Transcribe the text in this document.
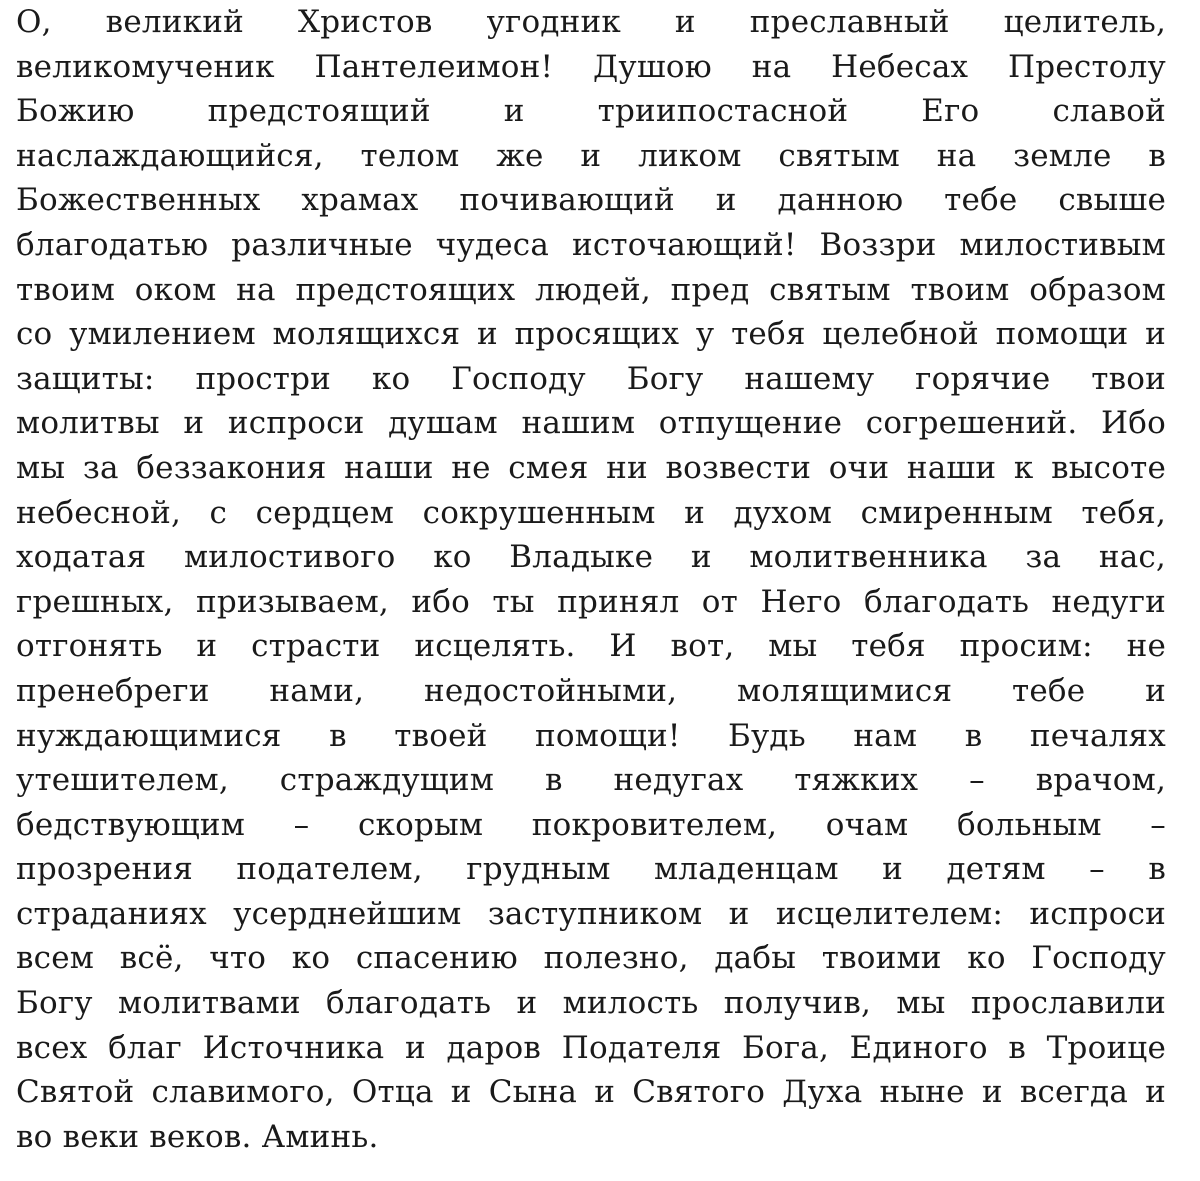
О, великий Христов угодник и преславный целитель,
великомученик Пантелеимон! Душою на Небесах Престолу
Божию предстоящий и триипостасной Его славой
наслаждающийся, телом же и ликом святым на земле в
Божественных храмах почивающий и данною тебе свыше
благодатью различные чудеса источающий! Воззри милостивым
твоим оком на предстоящих людей, пред святым твоим образом
со умилением молящихся и просящих у тебя целебной помощи и
защиты: простри ко Господу Богу нашему горячие твои
молитвы и испроси душам нашим отпущение согрешений. Ибо
мы за беззакония наши не смея ни возвести очи наши к высоте
небесной, с сердцем сокрушенным и духом смиренным тебя,
ходатая милостивого ко Владыке и молитвенника за нас,
грешных, призываем, ибо ты принял от Него благодать недуги
отгонять и страсти исцелять. И вот, мы тебя просим: не
пренебреги нами, недостойными, молящимися тебе и
нуждающимися в твоей помощи! Будь нам в печалях
утешителем, страждущим в недугах тяжких – врачом,
бедствующим – скорым покровителем, очам больным –
прозрения подателем, грудным младенцам и детям – в
страданиях усерднейшим заступником и исцелителем: испроси
всем всё, что ко спасению полезно, дабы твоими ко Господу
Богу молитвами благодать и милость получив, мы прославили
всех благ Источника и даров Подателя Бога, Единого в Троице
Святой славимого, Отца и Сына и Святого Духа ныне и всегда и
во веки веков. Аминь.
